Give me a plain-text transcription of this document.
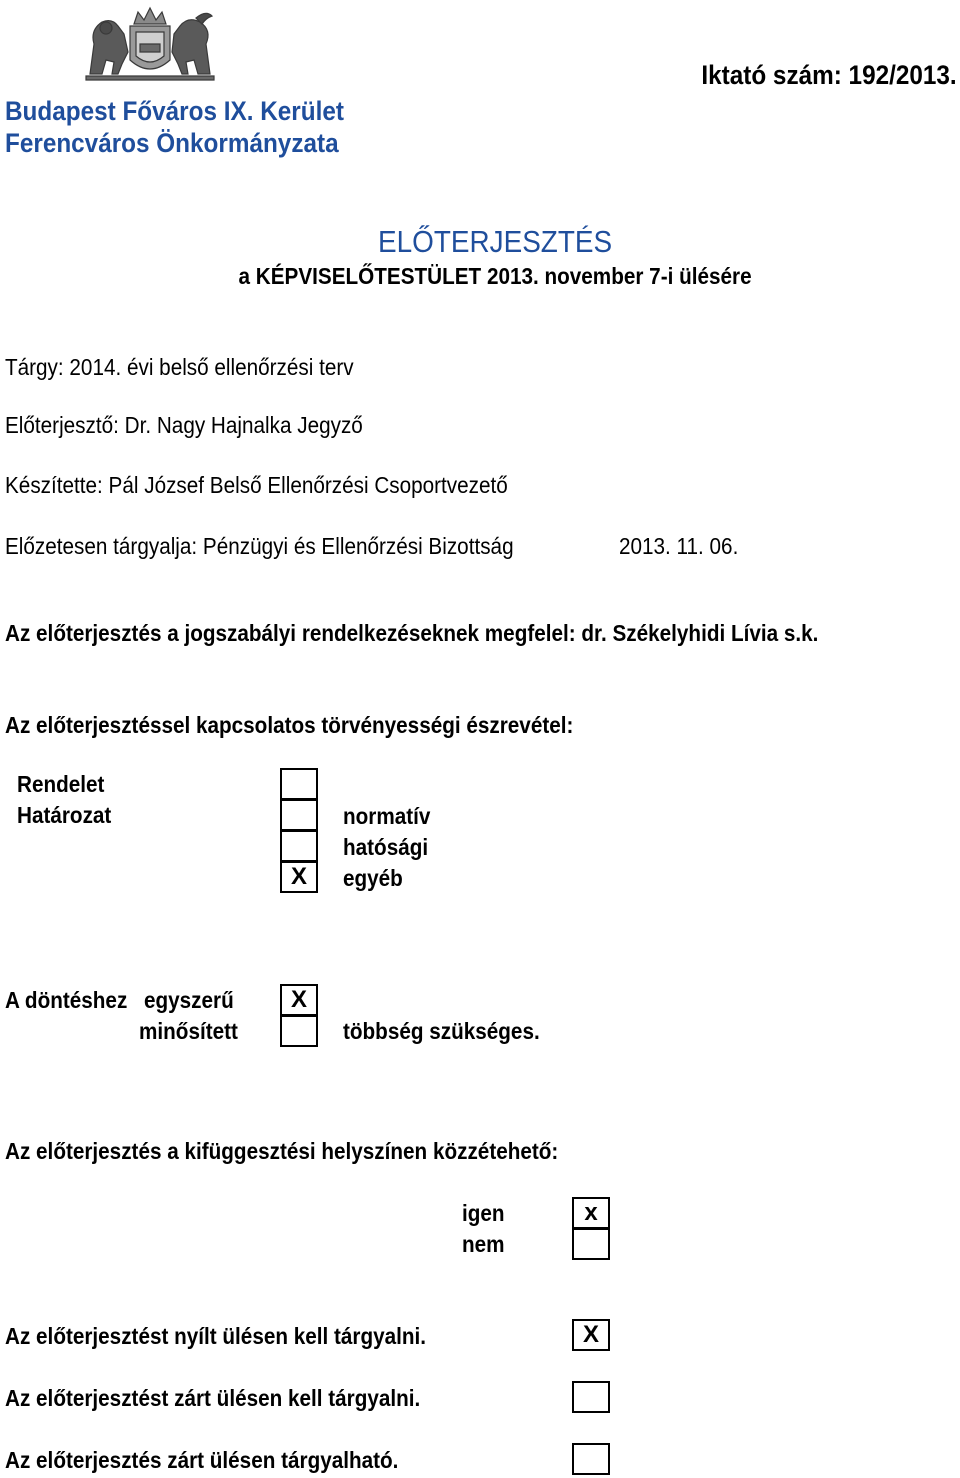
Budapest Főváros IX. Kerület
Ferencváros Önkormányzata
Iktató szám: 192/2013.
ELŐTERJESZTÉS
a KÉPVISELŐTESTÜLET 2013. november 7-i ülésére
Tárgy: 2014. évi belső ellenőrzési terv
Előterjesztő: Dr. Nagy Hajnalka Jegyző
Készítette: Pál József Belső Ellenőrzési Csoportvezető
Előzetesen tárgyalja: Pénzügyi és Ellenőrzési Bizottság	2013. 11. 06.
Az előterjesztés a jogszabályi rendelkezéseknek megfelel: dr. Székelyhidi Lívia s.k.
Az előterjesztéssel kapcsolatos törvényességi észrevétel:
Rendelet
Határozat
X
normatív
hatósági
egyéb
A döntéshez egyszerű
minősített
X
többség szükséges.
Az előterjesztés a kifüggesztési helyszínen közzétehető:
igen
nem
x
Az előterjesztést nyílt ülésen kell tárgyalni.	X
Az előterjesztést zárt ülésen kell tárgyalni.
Az előterjesztés zárt ülésen tárgyalható.
